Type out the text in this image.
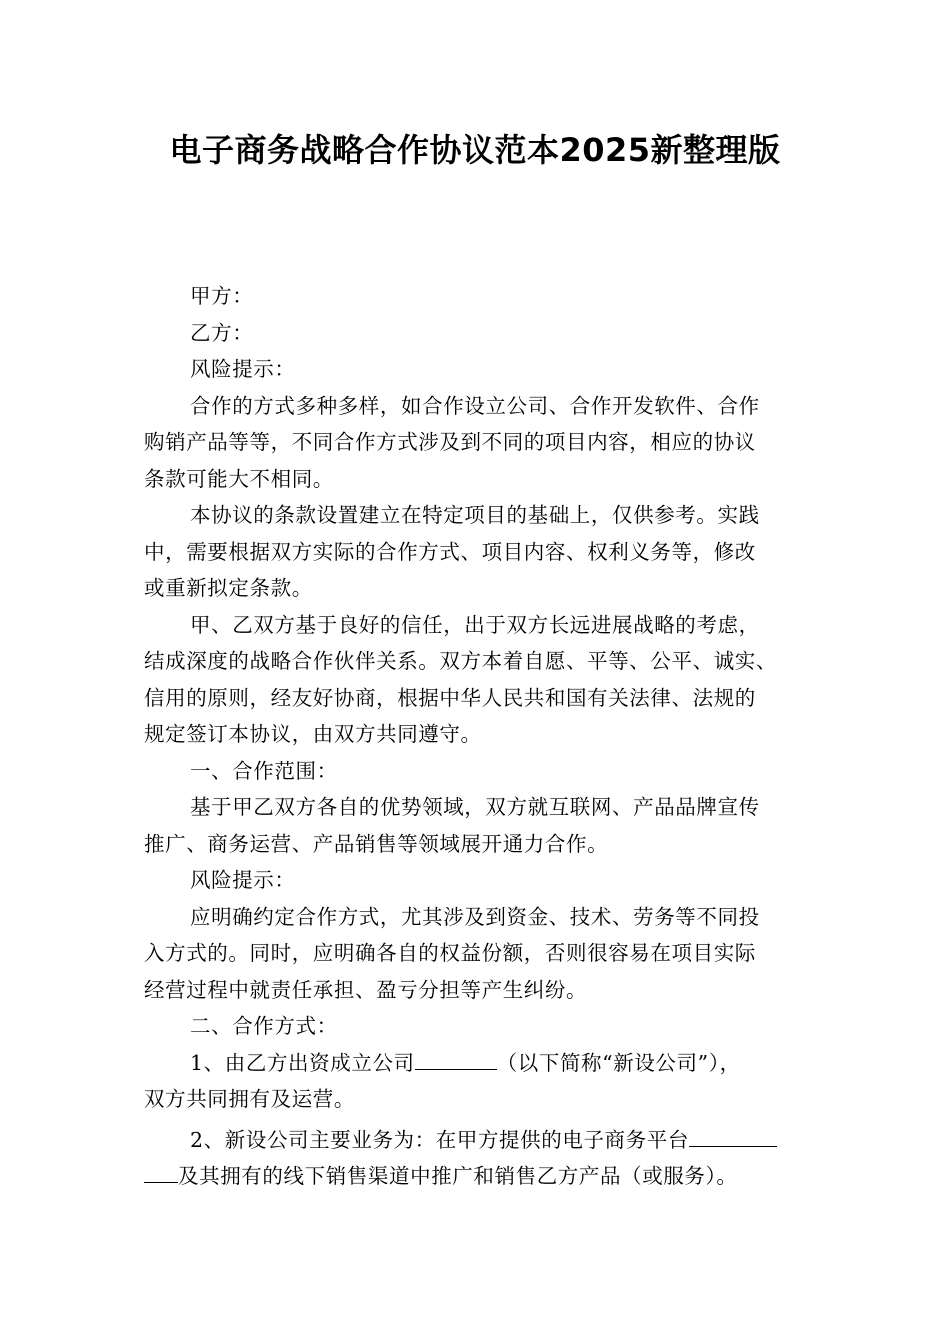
电子商务战略合作协议范本2025新整理版
甲方：
乙方：
风险提示：
合作的方式多种多样，如合作设立公司、合作开发软件、合作
购销产品等等，不同合作方式涉及到不同的项目内容，相应的协议
条款可能大不相同。
本协议的条款设置建立在特定项目的基础上，仅供参考。实践
中，需要根据双方实际的合作方式、项目内容、权利义务等，修改
或重新拟定条款。
甲、乙双方基于良好的信任，出于双方长远进展战略的考虑，
结成深度的战略合作伙伴关系。双方本着自愿、平等、公平、诚实、
信用的原则，经友好协商，根据中华人民共和国有关法律、法规的
规定签订本协议，由双方共同遵守。
一、合作范围：
基于甲乙双方各自的优势领域，双方就互联网、产品品牌宣传
推广、商务运营、产品销售等领域展开通力合作。
风险提示：
应明确约定合作方式，尤其涉及到资金、技术、劳务等不同投
入方式的。同时，应明确各自的权益份额，否则很容易在项目实际
经营过程中就责任承担、盈亏分担等产生纠纷。
二、合作方式：
1、由乙方出资成立公司	（以下简称“新设公司”），
双方共同拥有及运营。
2、新设公司主要业务为：在甲方提供的电子商务平台
及其拥有的线下销售渠道中推广和销售乙方产品（或服务）。
